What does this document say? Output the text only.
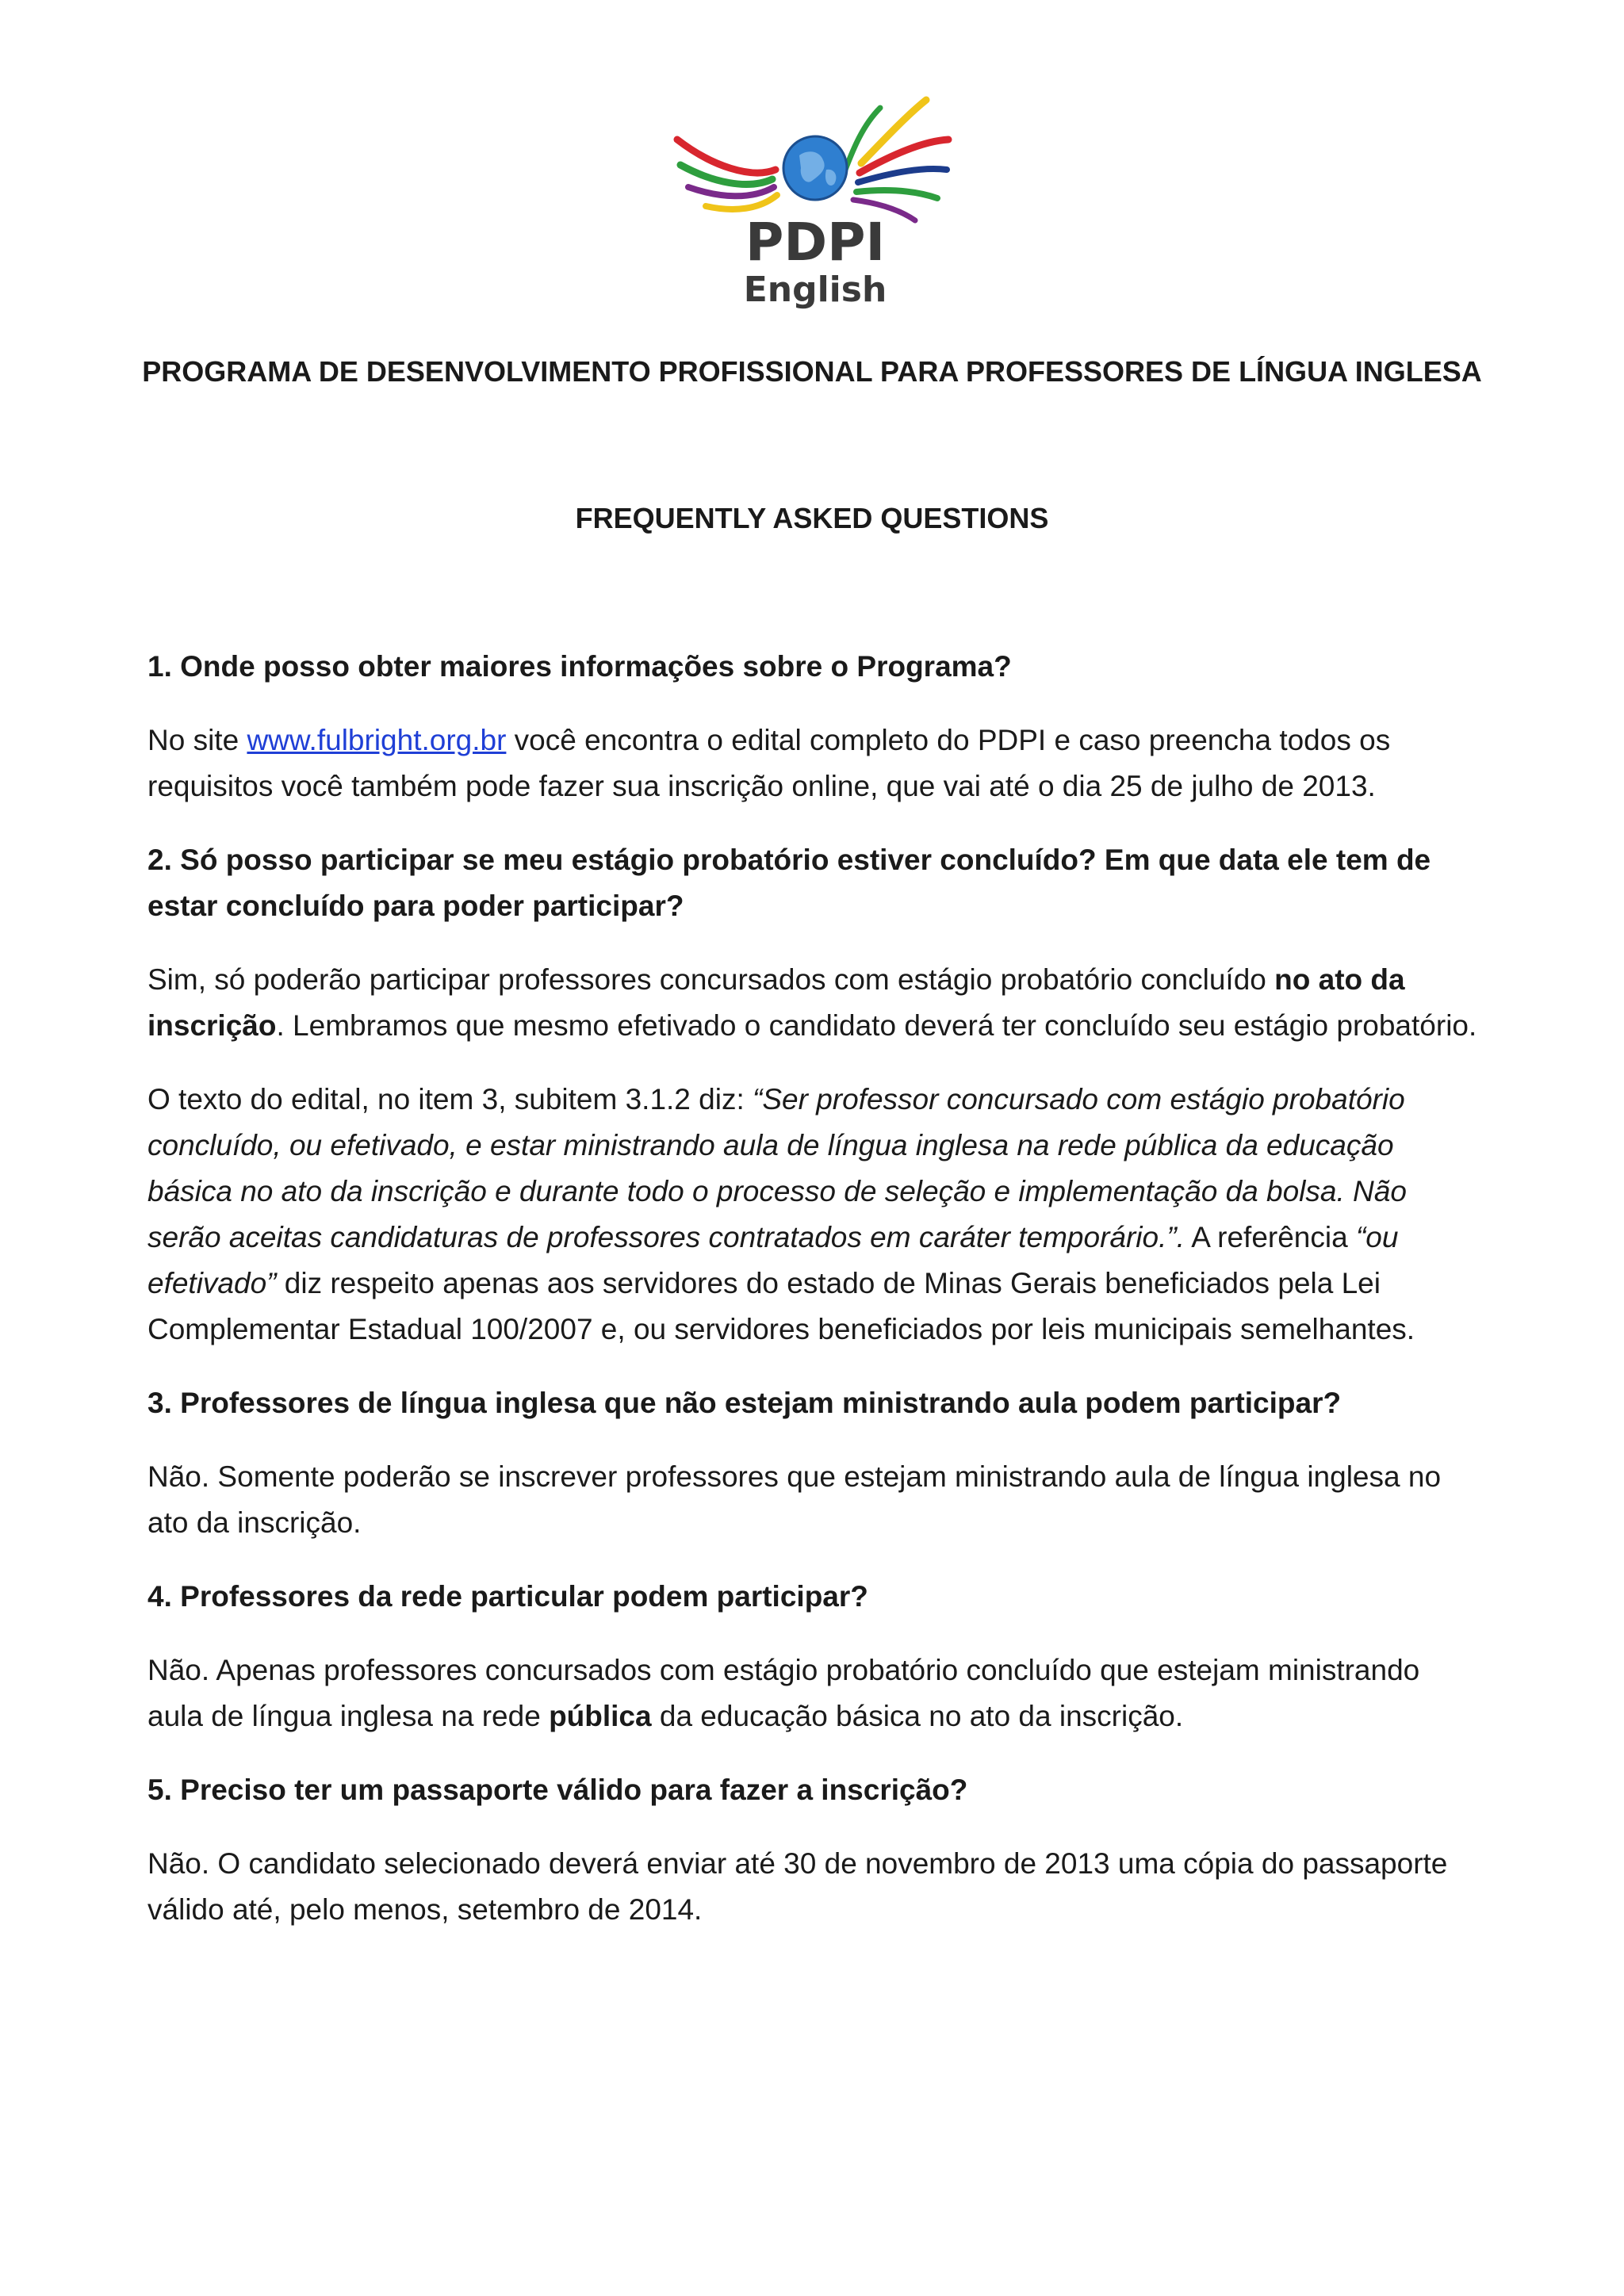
PDPI
English
PROGRAMA DE DESENVOLVIMENTO PROFISSIONAL PARA PROFESSORES DE LÍNGUA INGLESA
FREQUENTLY ASKED QUESTIONS

1. Onde posso obter maiores informações sobre o Programa?

No site www.fulbright.org.br você encontra o edital completo do PDPI e caso preencha todos os requisitos você também pode fazer sua inscrição online, que vai até o dia 25 de julho de 2013.

2. Só posso participar se meu estágio probatório estiver concluído? Em que data ele tem de estar concluído para poder participar?

Sim, só poderão participar professores concursados com estágio probatório concluído no ato da inscrição. Lembramos que mesmo efetivado o candidato deverá ter concluído seu estágio probatório.

O texto do edital, no item 3, subitem 3.1.2 diz: “Ser professor concursado com estágio probatório concluído, ou efetivado, e estar ministrando aula de língua inglesa na rede pública da educação básica no ato da inscrição e durante todo o processo de seleção e implementação da bolsa. Não serão aceitas candidaturas de professores contratados em caráter temporário.”. A referência “ou efetivado” diz respeito apenas aos servidores do estado de Minas Gerais beneficiados pela Lei Complementar Estadual 100/2007 e, ou servidores beneficiados por leis municipais semelhantes.

3. Professores de língua inglesa que não estejam ministrando aula podem participar?

Não. Somente poderão se inscrever professores que estejam ministrando aula de língua inglesa no ato da inscrição.

4. Professores da rede particular podem participar?

Não. Apenas professores concursados com estágio probatório concluído que estejam ministrando aula de língua inglesa na rede pública da educação básica no ato da inscrição.

5. Preciso ter um passaporte válido para fazer a inscrição?

Não. O candidato selecionado deverá enviar até 30 de novembro de 2013 uma cópia do passaporte válido até, pelo menos, setembro de 2014.
